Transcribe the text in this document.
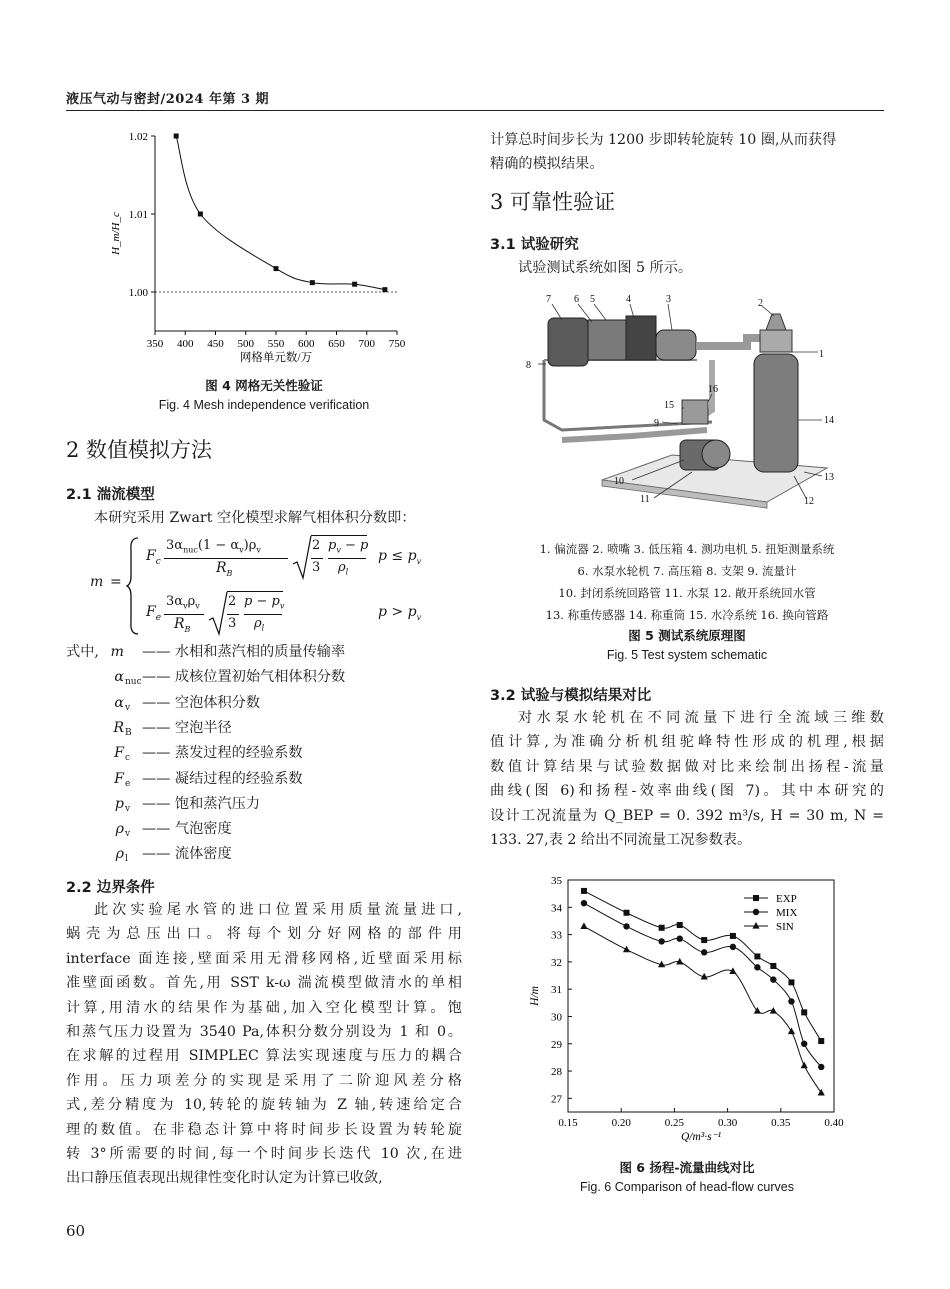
液压气动与密封/2024 年第 3 期
350 400 450 500 550 600 650 700 750
1.00
1.01
1.02
网格单元数/万
H_m/H_c
图 4 网格无关性验证
Fig. 4 Mesh independence verification
2 数值模拟方法
2.1 湍流模型
本研究采用 Zwart 空化模型求解气相体积分数即：
m =
$F_c$
$3\alpha_{nuc}(1 - \alpha_v)\rho_v$
$R_B$
2
3
$p_v - p$
$\rho_l$
$p \le p_v$
$F_e$
$3\alpha_v\rho_v$
$R_B$
2
3
$p - p_v$
$\rho_l$
$p > p_v$
式中, m —— 水相和蒸汽相的质量传输率
α nuc —— 成核位置初始气相体积分数
α v —— 空泡体积分数
R B —— 空泡半径
F c —— 蒸发过程的经验系数
F e —— 凝结过程的经验系数
p v —— 饱和蒸汽压力
ρ v —— 气泡密度
ρ l —— 流体密度
2.2 边界条件
此次实验尾水管的进口位置采用质量流量进口,
蜗壳为总压出口。将每个划分好网格的部件用
interface 面连接,壁面采用无滑移网格,近壁面采用标
准壁面函数。首先,用 SST k-ω 湍流模型做清水的单相
计算,用清水的结果作为基础,加入空化模型计算。饱
和蒸气压力设置为 3540 Pa,体积分数分别设为 1 和 0。
在求解的过程用 SIMPLEC 算法实现速度与压力的耦合
作用。压力项差分的实现是采用了二阶迎风差分格
式,差分精度为 10,转轮的旋转轴为 Z 轴,转速给定合
理的数值。在非稳态计算中将时间步长设置为转轮旋
转 3°所需要的时间,每一个时间步长迭代 10 次,在进
出口静压值表现出规律性变化时认定为计算已收敛,
60
计算总时间步长为 1200 步即转轮旋转 10 圈,从而获得
精确的模拟结果。
3 可靠性验证
3.1 试验研究
试验测试系统如图 5 所示。
1
2
3
4
5
6
7
8
9
10
11	12
13
14
15
16
1. 偏流器 2. 喷嘴 3. 低压箱 4. 测功电机 5. 扭矩测量系统
6. 水泵水轮机 7. 高压箱 8. 支架 9. 流量计
10. 封闭系统回路管 11. 水泵 12. 敞开系统回水管
13. 称重传感器 14. 称重筒 15. 水冷系统 16. 换向管路
图 5 测试系统原理图
Fig. 5 Test system schematic
3.2 试验与模拟结果对比
对水泵水轮机在不同流量下进行全流域三维数
值计算,为准确分析机组驼峰特性形成的机理,根据
数值计算结果与试验数据做对比来绘制出扬程-流量
曲线(图 6)和扬程-效率曲线(图 7)。其中本研究的
设计工况流量为 Q_BEP = 0. 392 m³/s, H = 30 m, N =
133. 27,表 2 给出不同流量工况参数表。
0.15	0.20	0.25	0.30	0.35	0.40
27
28
29
30
31
32
33
34
35
Q/m³·s⁻¹
H/m
EXP
MIX
SIN
图 6 扬程-流量曲线对比
Fig. 6 Comparison of head-flow curves
